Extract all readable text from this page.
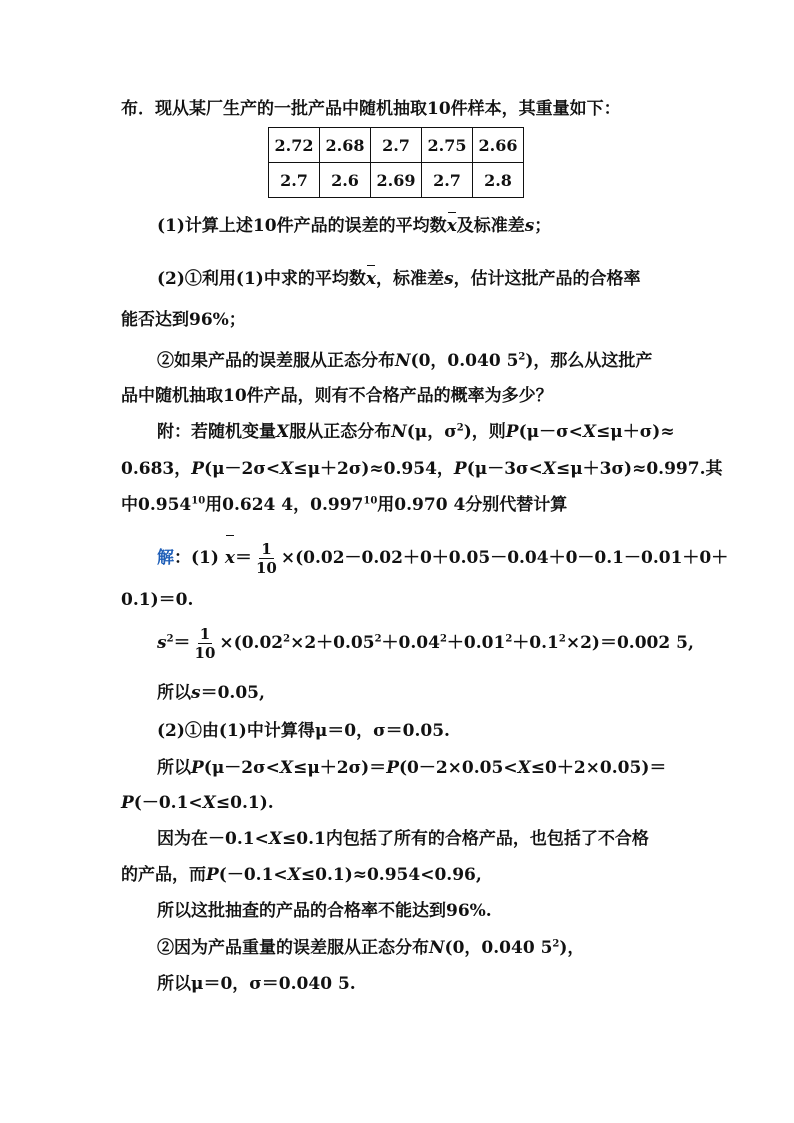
布．现从某厂生产的一批产品中随机抽取10件样本，其重量如下：
2.72	2.68	2.7	2.75	2.66
2.7	2.6	2.69	2.7	2.8
(1)计算上述10件产品的误差的平均数x及标准差s；
(2)①利用(1)中求的平均数x，标准差s，估计这批产品的合格率
能否达到96%；
②如果产品的误差服从正态分布N(0，0.040 $5^2$)，那么从这批产
品中随机抽取10件产品，则有不合格产品的概率为多少？
附：若随机变量X服从正态分布N(μ，$\sigma^2$)，则P(μ－σ<X≤μ＋σ)≈
0.683，P(μ－2σ<X≤μ＋2σ)≈0.954，P(μ－3σ<X≤μ＋3σ)≈0.997.其
中0.954$^{10}$用0.624 4，0.997$^{10}$用0.970 4分别代替计算
解：(1) $x= \frac{1}{10} \times(0.02-0.02+0+0.05-0.04+0-0.1-0.01+0+$
0.1)＝0.
$s^2= \frac{1}{10} \times(0.02^2\times 2+0.05^2+0.04^2+0.01^2+0.1^2\times 2)=0.002$ 5,
所以s＝0.05,
(2)①由(1)中计算得μ＝0，σ＝0.05.
所以P(μ－2σ<X≤μ＋2σ)＝P(0－2×0.05<X≤0＋2×0.05)＝
P(－0.1<X≤0.1).
因为在－0.1<X≤0.1内包括了所有的合格产品，也包括了不合格
的产品，而P(－0.1<X≤0.1)≈0.954<0.96,
所以这批抽查的产品的合格率不能达到96%.
②因为产品重量的误差服从正态分布N(0，0.040 $5^2$)，
所以μ＝0，σ＝0.040 5.
